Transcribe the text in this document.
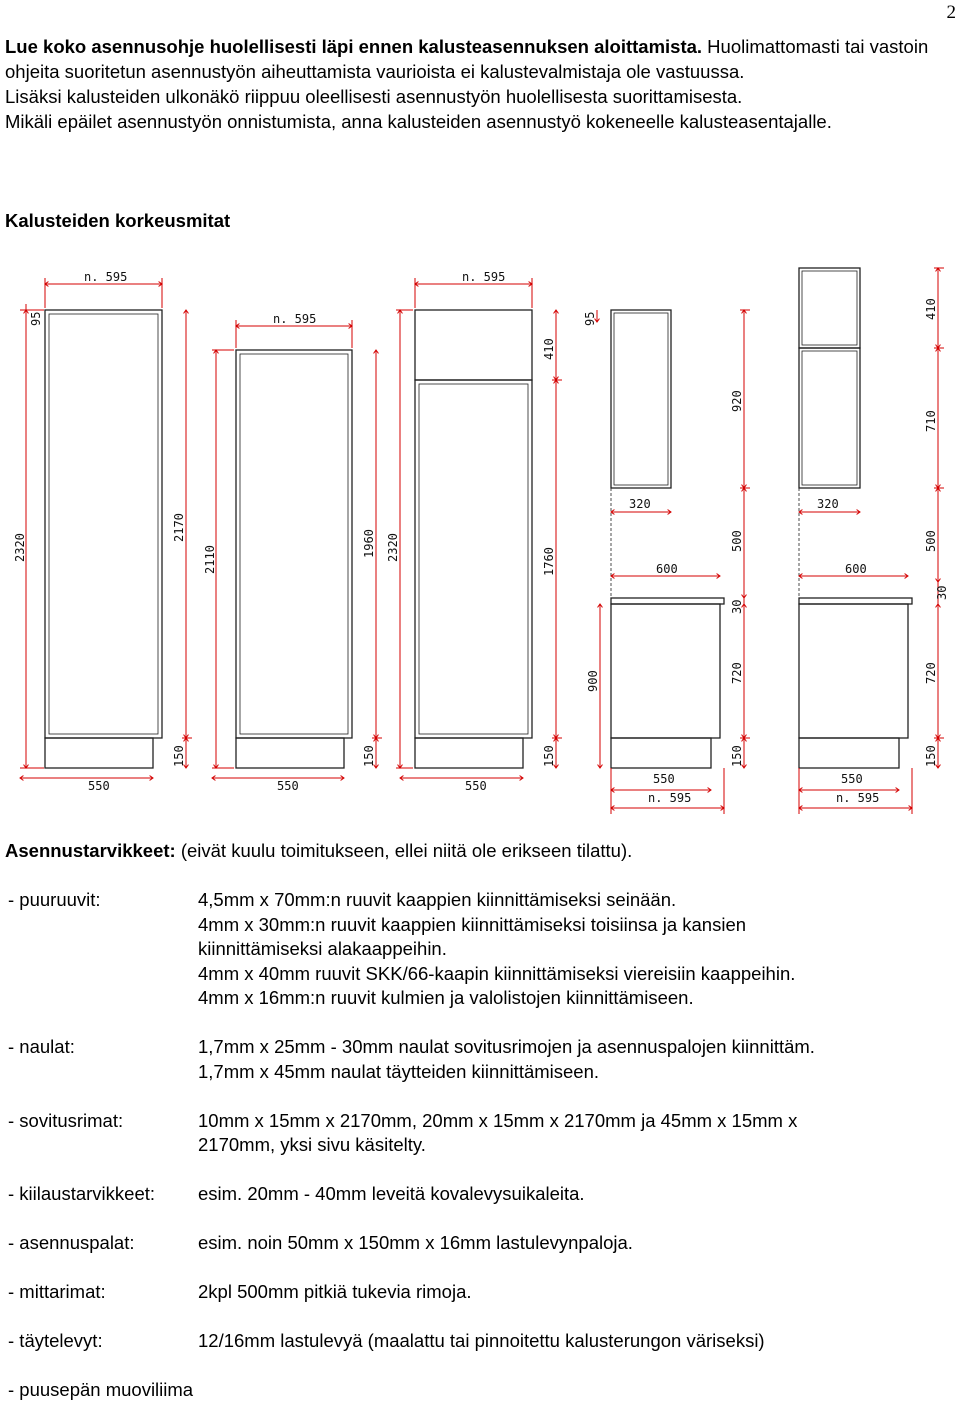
2

Lue koko asennusohje huolellisesti läpi ennen kalusteasennuksen aloittamista. Huolimattomasti tai vastoin ohjeita suoritetun asennustyön aiheuttamista vaurioista ei kalustevalmistaja ole vastuussa.

Lisäksi kalusteiden ulkonäkö riippuu oleellisesti asennustyön huolellisesta suorittamisesta.

Mikäli epäilet asennustyön onnistumista, anna kalusteiden asennustyö kokeneelle kalusteasentajalle.

Kalusteiden korkeusmitat
n. 595
95
2320
2170
150
550
n. 595
2110
1960
150
550
n. 595
2320
410
1760
150
550
95
320
600
900
920
500
30
720
150
550
n. 595
320
600
410
710
500
30
720
150
550
n. 595
Asennustarvikkeet: (eivät kuulu toimitukseen, ellei niitä ole erikseen tilattu).
- puuruuvit:	4,5mm x 70mm:n ruuvit kaappien kiinnittämiseksi seinään.
4mm x 30mm:n ruuvit kaappien kiinnittämiseksi toisiinsa ja kansien
kiinnittämiseksi alakaappeihin.
4mm x 40mm ruuvit SKK/66-kaapin kiinnittämiseksi viereisiin kaappeihin.
4mm x 16mm:n ruuvit kulmien ja valolistojen kiinnittämiseen.
- naulat:	1,7mm x 25mm - 30mm naulat sovitusrimojen ja asennuspalojen kiinnittäm.
1,7mm x 45mm naulat täytteiden kiinnittämiseen.
- sovitusrimat:	10mm x 15mm x 2170mm, 20mm x 15mm x 2170mm ja 45mm x 15mm x
2170mm, yksi sivu käsitelty.
- kiilaustarvikkeet: esim. 20mm - 40mm leveitä kovalevysuikaleita.
- asennuspalat:	esim. noin 50mm x 150mm x 16mm lastulevynpaloja.
- mittarimat:	2kpl 500mm pitkiä tukevia rimoja.
- täytelevyt:	12/16mm lastulevyä (maalattu tai pinnoitettu kalusterungon väriseksi)
- puusepän muoviliima
